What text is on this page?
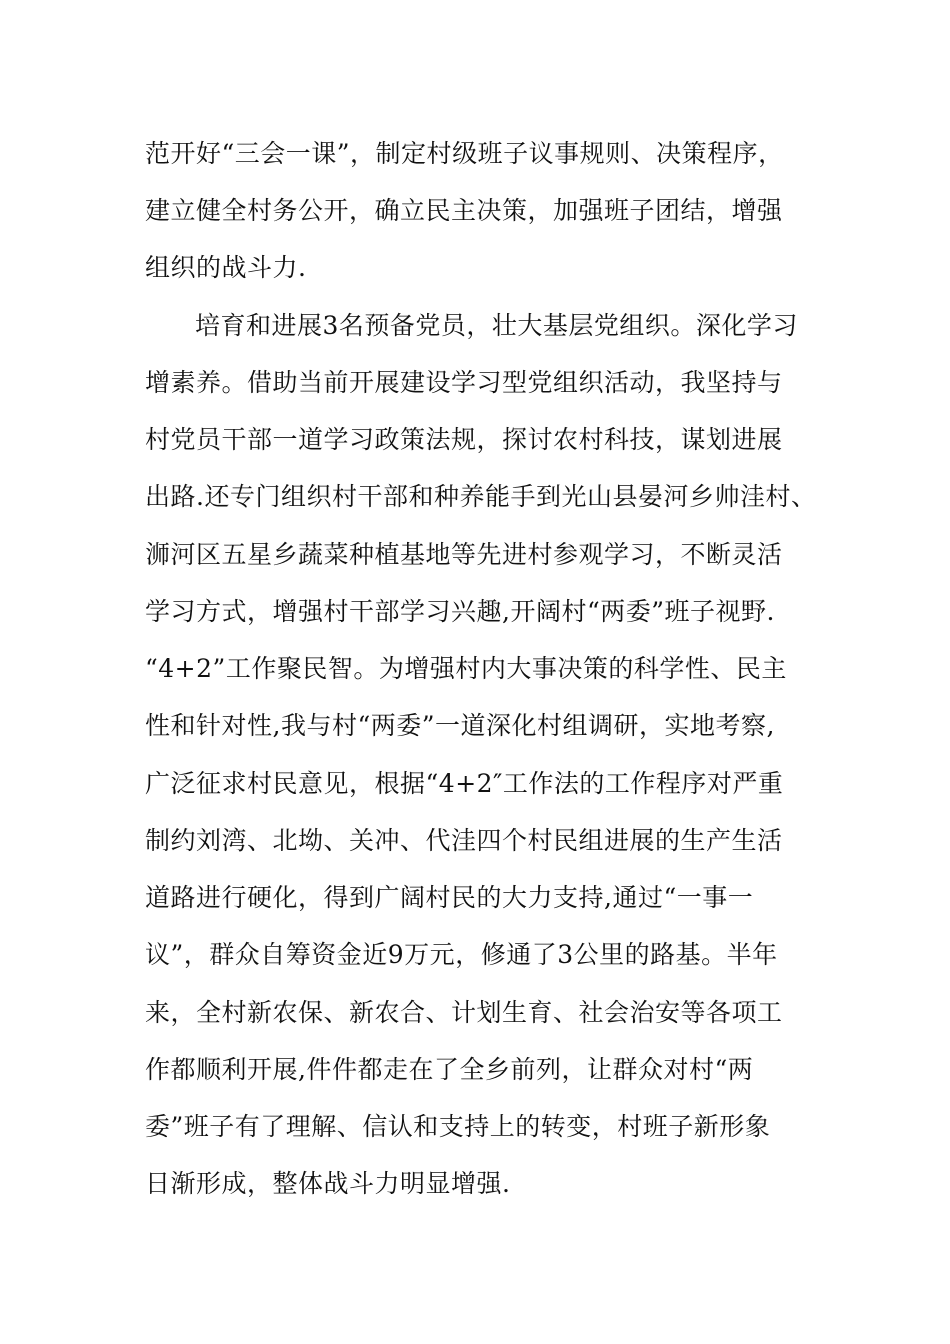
范开好“三会一课”，制定村级班子议事规则、决策程序，
建立健全村务公开，确立民主决策，加强班子团结，增强
组织的战斗力.
培育和进展3名预备党员，壮大基层党组织。深化学习
增素养。借助当前开展建设学习型党组织活动，我坚持与
村党员干部一道学习政策法规，探讨农村科技，谋划进展
出路.还专门组织村干部和种养能手到光山县晏河乡帅洼村、
浉河区五星乡蔬菜种植基地等先进村参观学习，不断灵活
学习方式，增强村干部学习兴趣,开阔村“两委”班子视野.
“4+2”工作聚民智。为增强村内大事决策的科学性、民主
性和针对性,我与村“两委”一道深化村组调研，实地考察,
广泛征求村民意见，根据“4+2″工作法的工作程序对严重
制约刘湾、北坳、关冲、代洼四个村民组进展的生产生活
道路进行硬化，得到广阔村民的大力支持,通过“一事一
议”，群众自筹资金近9万元，修通了3公里的路基。半年
来，全村新农保、新农合、计划生育、社会治安等各项工
作都顺利开展,件件都走在了全乡前列，让群众对村“两
委”班子有了理解、信认和支持上的转变，村班子新形象
日渐形成，整体战斗力明显增强.
